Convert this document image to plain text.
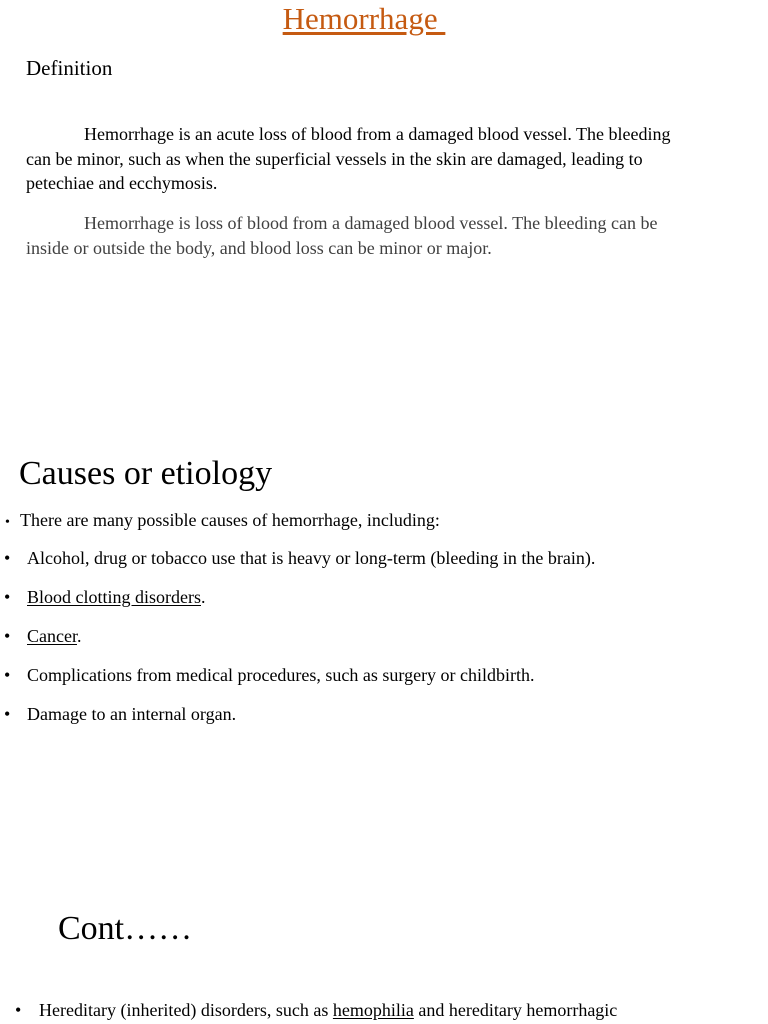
Hemorrhage
Definition
Hemorrhage is an acute loss of blood from a damaged blood vessel. The bleeding can be minor, such as when the superficial vessels in the skin are damaged, leading to petechiae and ecchymosis.
Hemorrhage is loss of blood from a damaged blood vessel. The bleeding can be inside or outside the body, and blood loss can be minor or major.
Causes or etiology
• There are many possible causes of hemorrhage, including:
• Alcohol, drug or tobacco use that is heavy or long-term (bleeding in the brain).
• Blood clotting disorders.
• Cancer.
• Complications from medical procedures, such as surgery or childbirth.
• Damage to an internal organ.
Cont……
• Hereditary (inherited) disorders, such as hemophilia and hereditary hemorrhagic
